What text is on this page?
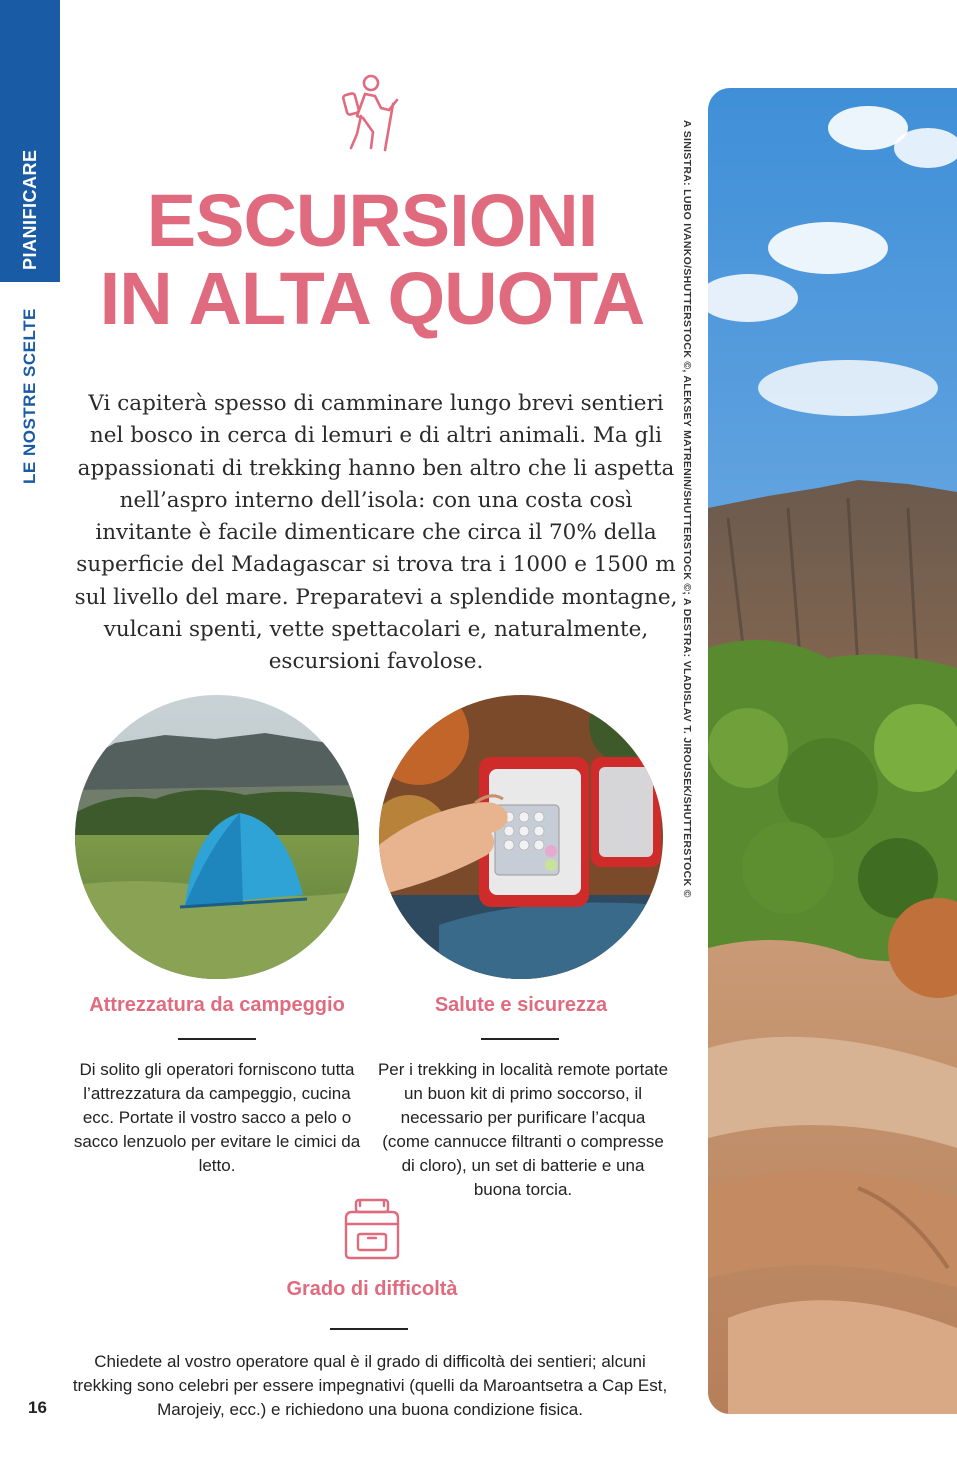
PIANIFICARE
LE NOSTRE SCELTE
ESCURSIONI
IN ALTA QUOTA

Vi capiterà spesso di camminare lungo brevi sentieri nel bosco in cerca di lemuri e di altri animali. Ma gli appassionati di trekking hanno ben altro che li aspetta nell’aspro interno dell’isola: con una costa così invitante è facile dimenticare che circa il 70% della superficie del Madagascar si trova tra i 1000 e 1500 m sul livello del mare. Preparatevi a splendide montagne, vulcani spenti, vette spettacolari e, naturalmente, escursioni favolose.

Attrezzatura da campeggio

Di solito gli operatori forniscono tutta l’attrezzatura da campeggio, cucina ecc. Portate il vostro sacco a pelo o sacco lenzuolo per evitare le cimici da letto.

Salute e sicurezza

Per i trekking in località remote portate un buon kit di primo soccorso, il necessario per purificare l’acqua (come cannucce filtranti o compresse di cloro), un set di batterie e una buona torcia.

Grado di difficoltà

Chiedete al vostro operatore qual è il grado di difficoltà dei sentieri; alcuni trekking sono celebri per essere impegnativi (quelli da Maroantsetra a Cap Est, Marojeiy, ecc.) e richiedono una buona condizione fisica.

A SINISTRA: LUBO IVANKO/SHUTTERSTOCK ©, ALEKSEY MATRENIN/SHUTTERSTOCK ©; A DESTRA: VLADISLAV T. JIROUSEK/SHUTTERSTOCK ©
16
